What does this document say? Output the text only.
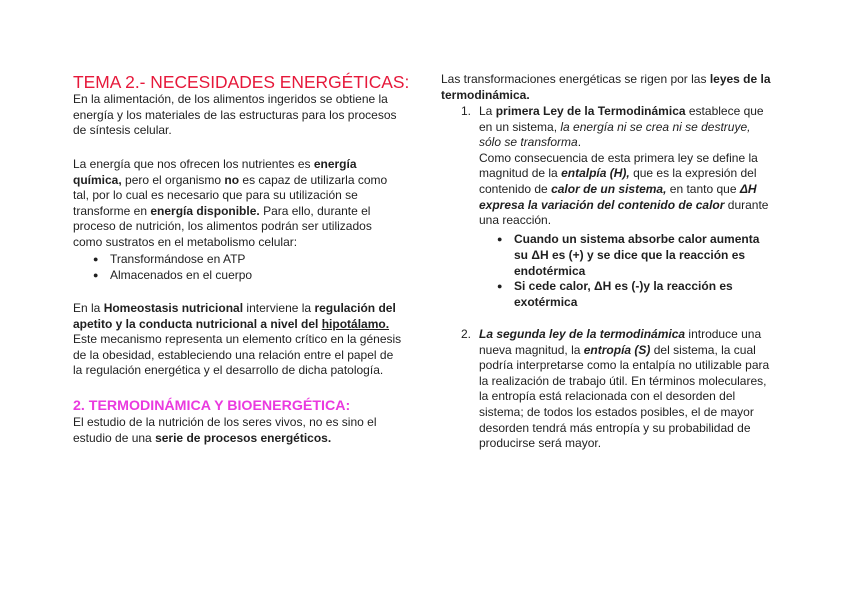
TEMA 2.- NECESIDADES ENERGÉTICAS:

En la alimentación, de los alimentos ingeridos se obtiene la energía y los materiales de las estructuras para los procesos de síntesis celular.

La energía que nos ofrecen los nutrientes es energía química, pero el organismo no es capaz de utilizarla como tal, por lo cual es necesario que para su utilización se transforme en energía disponible. Para ello, durante el proceso de nutrición, los alimentos podrán ser utilizados como sustratos en el metabolismo celular:

● Transformándose en ATP
● Almacenados en el cuerpo

En la Homeostasis nutricional interviene la regulación del apetito y la conducta nutricional a nivel del hipotálamo. Este mecanismo representa un elemento crítico en la génesis de la obesidad, estableciendo una relación entre el papel de la regulación energética y el desarrollo de dicha patología.

2. TERMODINÁMICA Y BIOENERGÉTICA:

El estudio de la nutrición de los seres vivos, no es sino el estudio de una serie de procesos energéticos.

Las transformaciones energéticas se rigen por las leyes de la termodinámica.

1. La primera Ley de la Termodinámica establece que en un sistema, la energía ni se crea ni se destruye, sólo se transforma.
Como consecuencia de esta primera ley se define la magnitud de la entalpía (H), que es la expresión del contenido de calor de un sistema, en tanto que ΔH expresa la variación del contenido de calor durante una reacción.

● Cuando un sistema absorbe calor aumenta su ΔH es (+) y se dice que la reacción es endotérmica
● Si cede calor, ΔH es (-)y la reacción es exotérmica
2. La segunda ley de la termodinámica introduce una nueva magnitud, la entropía (S) del sistema, la cual podría interpretarse como la entalpía no utilizable para la realización de trabajo útil. En términos moleculares, la entropía está relacionada con el desorden del sistema; de todos los estados posibles, el de mayor desorden tendrá más entropía y su probabilidad de producirse será mayor.
